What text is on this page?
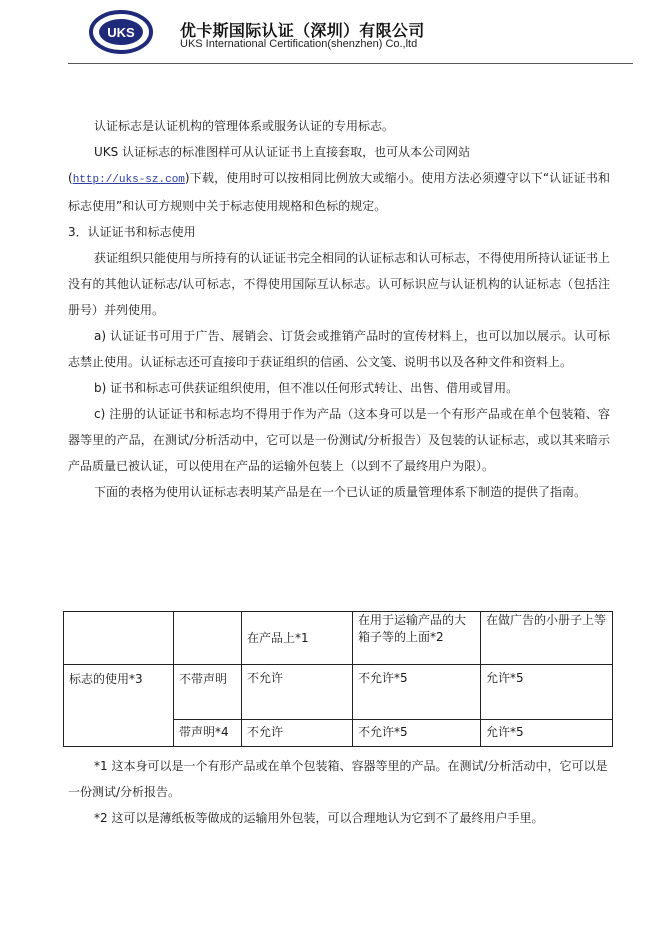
UKS	优卡斯国际认证（深圳）有限公司
UKS International Certification(shenzhen) Co.,ltd

认证标志是认证机构的管理体系或服务认证的专用标志。

UKS 认证标志的标准图样可从认证证书上直接套取，也可从本公司网站

(http://uks-sz.com)下载，使用时可以按相同比例放大或缩小。使用方法必须遵守以下“认证证书和标志使用”和认可方规则中关于标志使用规格和色标的规定。

3．认证证书和标志使用

获证组织只能使用与所持有的认证证书完全相同的认证标志和认可标志，不得使用所持认证证书上没有的其他认证标志/认可标志，不得使用国际互认标志。认可标识应与认证机构的认证标志（包括注册号）并列使用。

a) 认证证书可用于广告、展销会、订货会或推销产品时的宣传材料上，也可以加以展示。认可标志禁止使用。认证标志还可直接印于获证组织的信函、公文笺、说明书以及各种文件和资料上。

b) 证书和标志可供获证组织使用，但不准以任何形式转让、出售、借用或冒用。

c) 注册的认证证书和标志均不得用于作为产品（这本身可以是一个有形产品或在单个包装箱、容器等里的产品，在测试/分析活动中，它可以是一份测试/分析报告）及包装的认证标志，或以其来暗示产品质量已被认证，可以使用在产品的运输外包装上（以到不了最终用户为限）。

下面的表格为使用认证标志表明某产品是在一个已认证的质量管理体系下制造的提供了指南。

		在产品上*1	在用于运输产品的大
箱子等的上面*2	在做广告的小册子上等
标志的使用*3	不带声明	不允许	不允许*5	允许*5
	带声明*4	不允许	不允许*5	允许*5

*1 这本身可以是一个有形产品或在单个包装箱、容器等里的产品。在测试/分析活动中，它可以是一份测试/分析报告。

*2 这可以是薄纸板等做成的运输用外包装，可以合理地认为它到不了最终用户手里。
